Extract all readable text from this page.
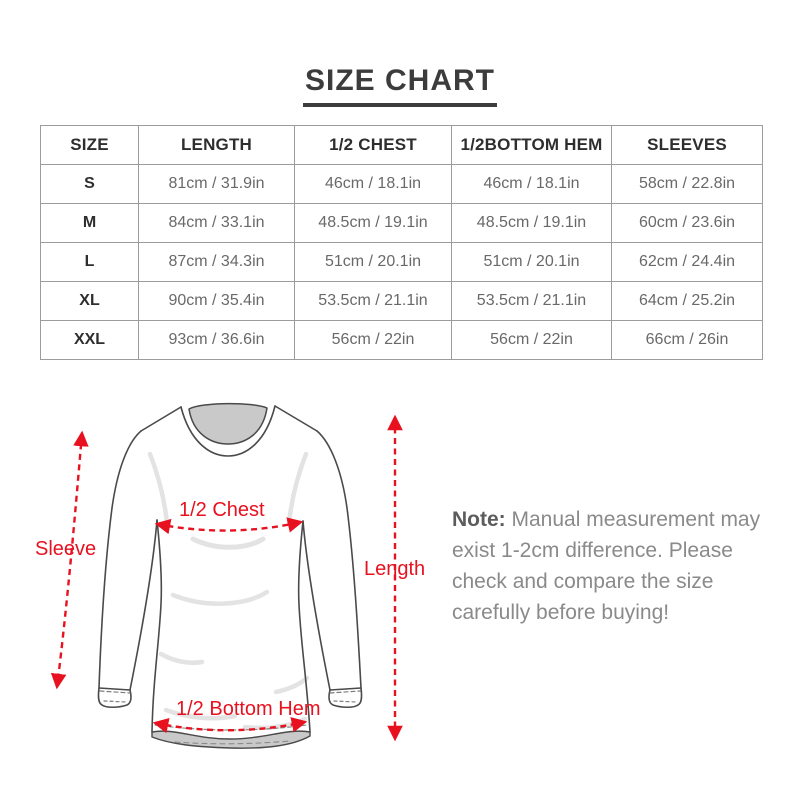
SIZE CHART
SIZE	LENGTH	1/2 CHEST	1/2BOTTOM HEM	SLEEVES
S	81cm / 31.9in	46cm / 18.1in	46cm / 18.1in	58cm / 22.8in
M	84cm / 33.1in	48.5cm / 19.1in	48.5cm / 19.1in	60cm / 23.6in
L	87cm / 34.3in	51cm / 20.1in	51cm / 20.1in	62cm / 24.4in
XL	90cm / 35.4in	53.5cm / 21.1in	53.5cm / 21.1in	64cm / 25.2in
XXL	93cm / 36.6in	56cm / 22in	56cm / 22in	66cm / 26in
Sleeve
1/2 Chest
Length
1/2 Bottom Hem
Note: Manual measurement may exist 1-2cm difference. Please check and compare the size carefully before buying!
